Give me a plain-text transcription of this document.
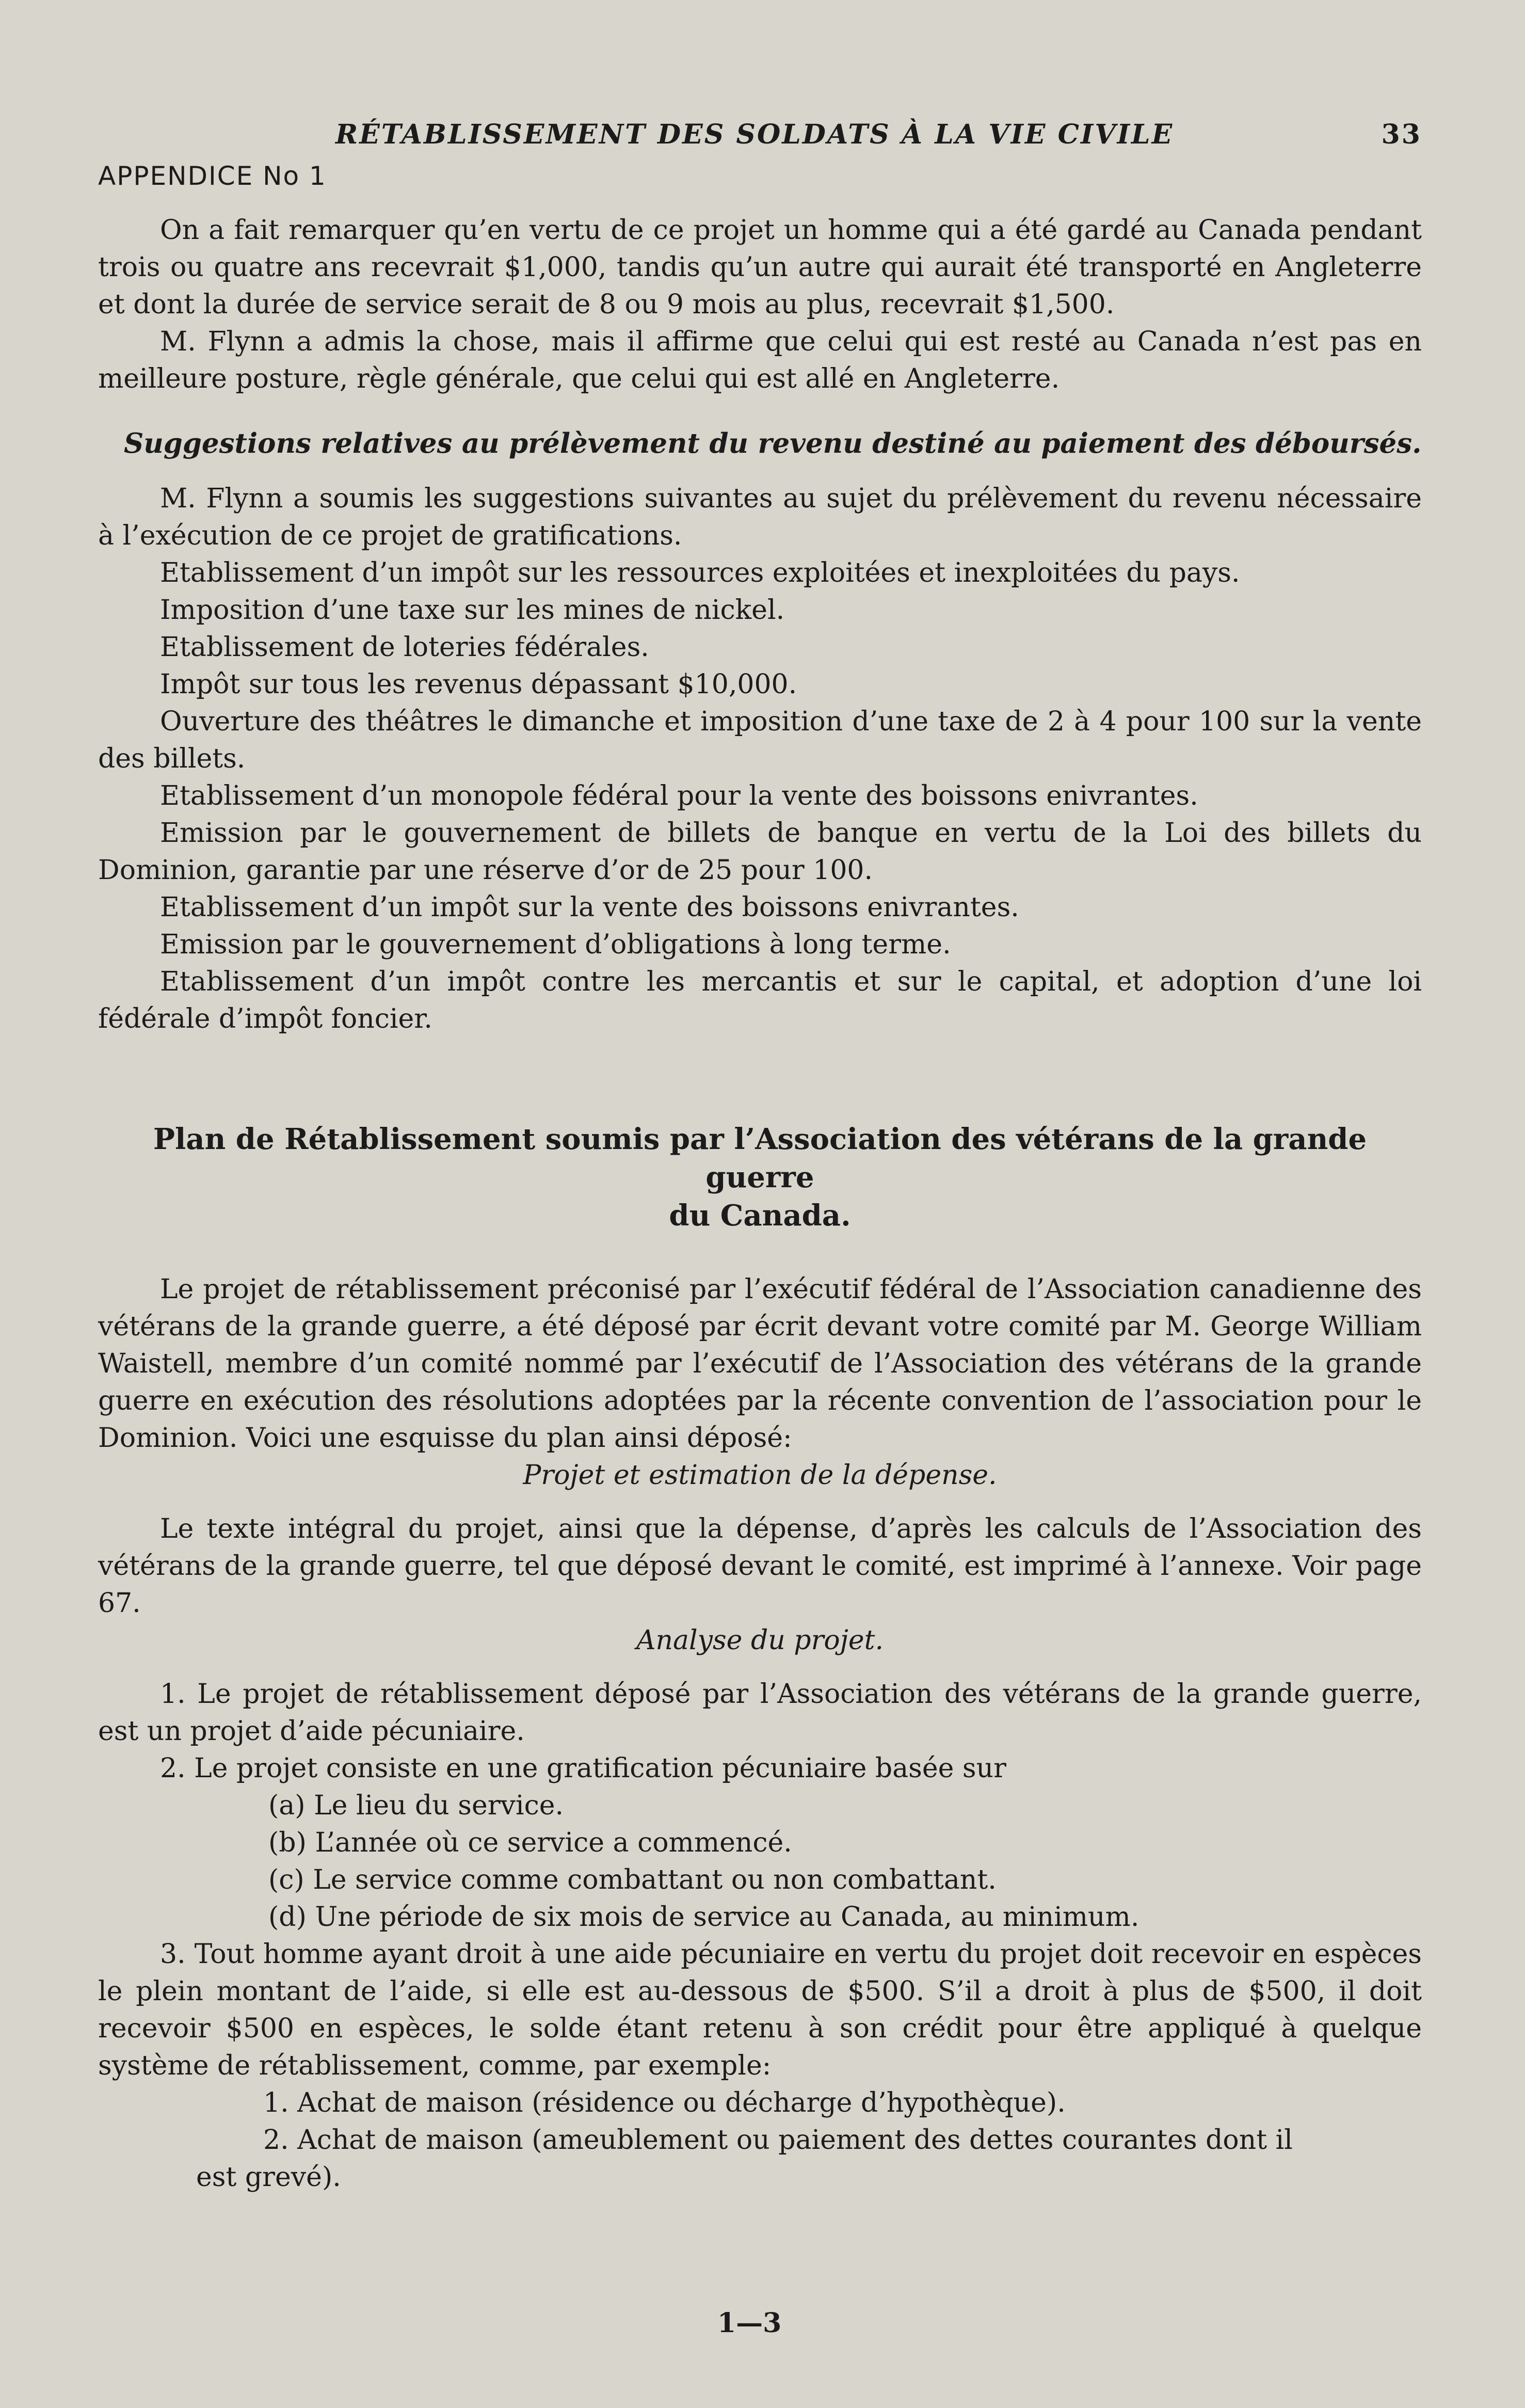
RÉTABLISSEMENT DES SOLDATS À LA VIE CIVILE	33
APPENDICE No 1

On a fait remarquer qu’en vertu de ce projet un homme qui a été gardé au Canada pendant trois ou quatre ans recevrait $1,000, tandis qu’un autre qui aurait été transporté en Angleterre et dont la durée de service serait de 8 ou 9 mois au plus, recevrait $1,500.

M. Flynn a admis la chose, mais il affirme que celui qui est resté au Canada n’est pas en meilleure posture, règle générale, que celui qui est allé en Angleterre.

Suggestions relatives au prélèvement du revenu destiné au paiement des déboursés.

M. Flynn a soumis les suggestions suivantes au sujet du prélèvement du revenu nécessaire à l’exécution de ce projet de gratifications.

Etablissement d’un impôt sur les ressources exploitées et inexploitées du pays.

Imposition d’une taxe sur les mines de nickel.

Etablissement de loteries fédérales.

Impôt sur tous les revenus dépassant $10,000.

Ouverture des théâtres le dimanche et imposition d’une taxe de 2 à 4 pour 100 sur la vente des billets.

Etablissement d’un monopole fédéral pour la vente des boissons enivrantes.

Emission par le gouvernement de billets de banque en vertu de la Loi des billets du Dominion, garantie par une réserve d’or de 25 pour 100.

Etablissement d’un impôt sur la vente des boissons enivrantes.

Emission par le gouvernement d’obligations à long terme.

Etablissement d’un impôt contre les mercantis et sur le capital, et adoption d’une loi fédérale d’impôt foncier.

Plan de Rétablissement soumis par l’Association des vétérans de la grande guerre
du Canada.

Le projet de rétablissement préconisé par l’exécutif fédéral de l’Association canadienne des vétérans de la grande guerre, a été déposé par écrit devant votre comité par M. George William Waistell, membre d’un comité nommé par l’exécutif de l’Association des vétérans de la grande guerre en exécution des résolutions adoptées par la récente convention de l’association pour le Dominion. Voici une esquisse du plan ainsi déposé:

Projet et estimation de la dépense.

Le texte intégral du projet, ainsi que la dépense, d’après les calculs de l’Association des vétérans de la grande guerre, tel que déposé devant le comité, est imprimé à l’annexe. Voir page 67.

Analyse du projet.

1. Le projet de rétablissement déposé par l’Association des vétérans de la grande guerre, est un projet d’aide pécuniaire.

2. Le projet consiste en une gratification pécuniaire basée sur

(a) Le lieu du service.

(b) L’année où ce service a commencé.

(c) Le service comme combattant ou non combattant.

(d) Une période de six mois de service au Canada, au minimum.

3. Tout homme ayant droit à une aide pécuniaire en vertu du projet doit recevoir en espèces le plein montant de l’aide, si elle est au-dessous de $500. S’il a droit à plus de $500, il doit recevoir $500 en espèces, le solde étant retenu à son crédit pour être appliqué à quelque système de rétablissement, comme, par exemple:

1. Achat de maison (résidence ou décharge d’hypothèque).

2. Achat de maison (ameublement ou paiement des dettes courantes dont il

est grevé).

1—3
